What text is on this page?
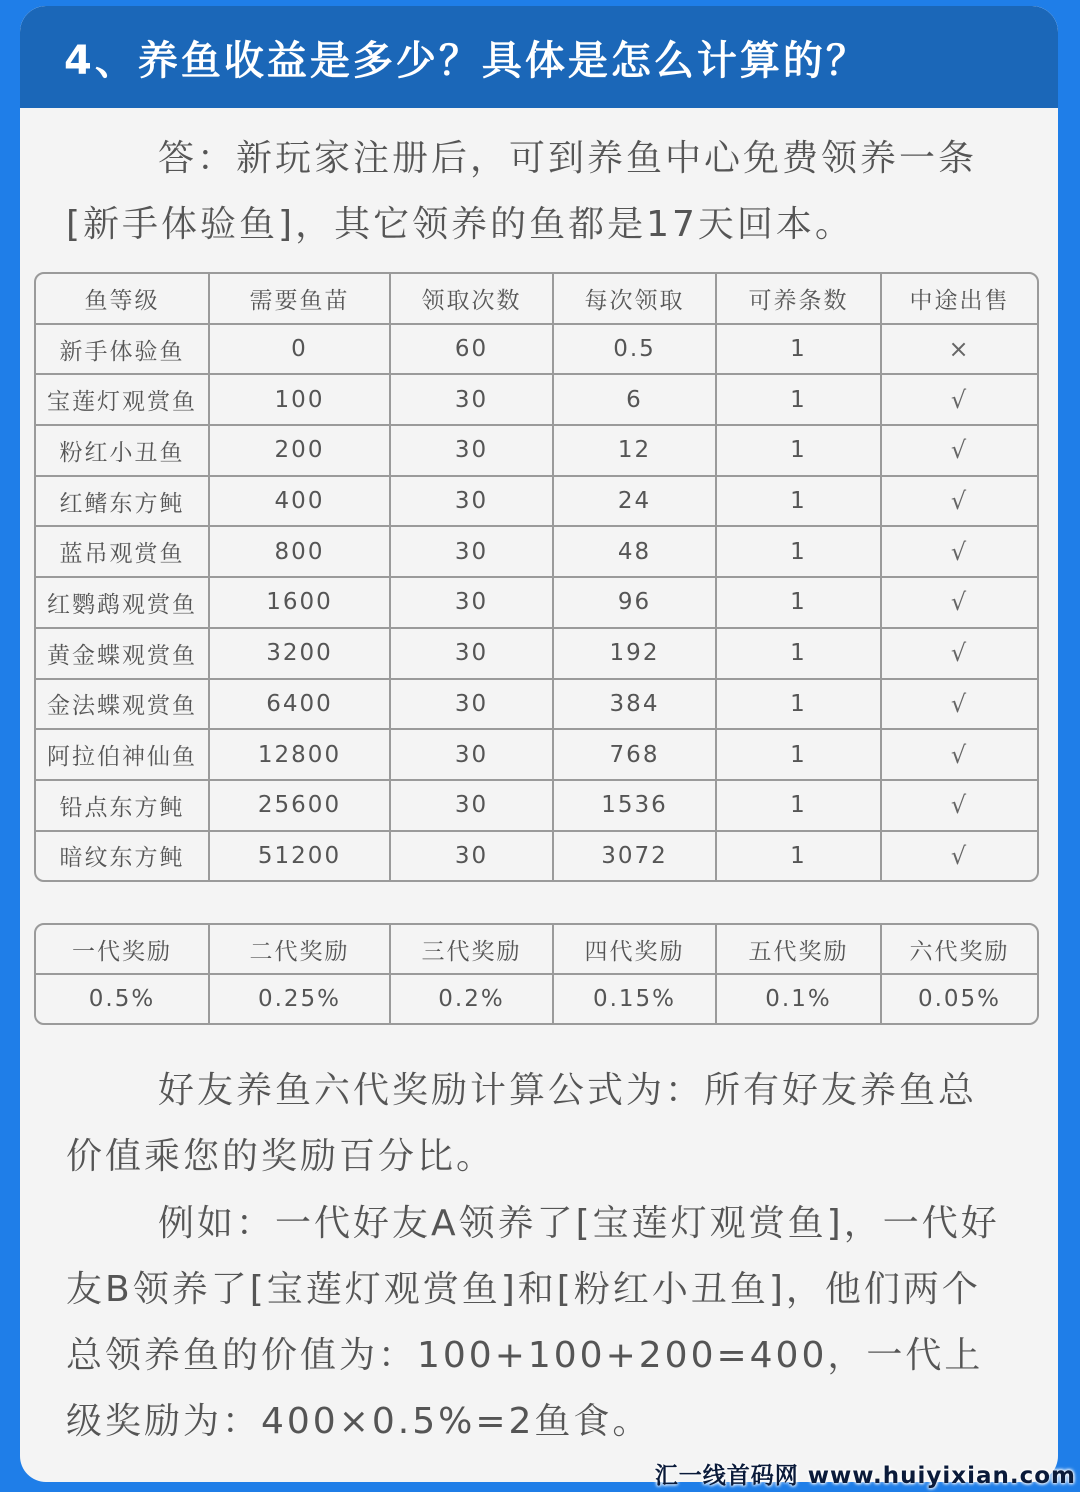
4、养鱼收益是多少？具体是怎么计算的？

答：新玩家注册后，可到养鱼中心免费领养一条[新手体验鱼]，其它领养的鱼都是17天回本。

鱼等级	需要鱼苗	领取次数	每次领取	可养条数	中途出售
新手体验鱼	0	60	0.5	1	×
宝莲灯观赏鱼	100	30	6	1	√
粉红小丑鱼	200	30	12	1	√
红鳍东方鲀	400	30	24	1	√
蓝吊观赏鱼	800	30	48	1	√
红鹦鹉观赏鱼	1600	30	96	1	√
黄金蝶观赏鱼	3200	30	192	1	√
金法蝶观赏鱼	6400	30	384	1	√
阿拉伯神仙鱼	12800	30	768	1	√
铅点东方鲀	25600	30	1536	1	√
暗纹东方鲀	51200	30	3072	1	√
一代奖励	二代奖励	三代奖励	四代奖励	五代奖励	六代奖励
0.5%	0.25%	0.2%	0.15%	0.1%	0.05%

好友养鱼六代奖励计算公式为：所有好友养鱼总价值乘您的奖励百分比。

例如：一代好友A领养了[宝莲灯观赏鱼]，一代好友B领养了[宝莲灯观赏鱼]和[粉红小丑鱼]，他们两个总领养鱼的价值为：100+100+200=400，一代上级奖励为：400×0.5%=2鱼食。

汇一线首码网 www.huiyixian.com
